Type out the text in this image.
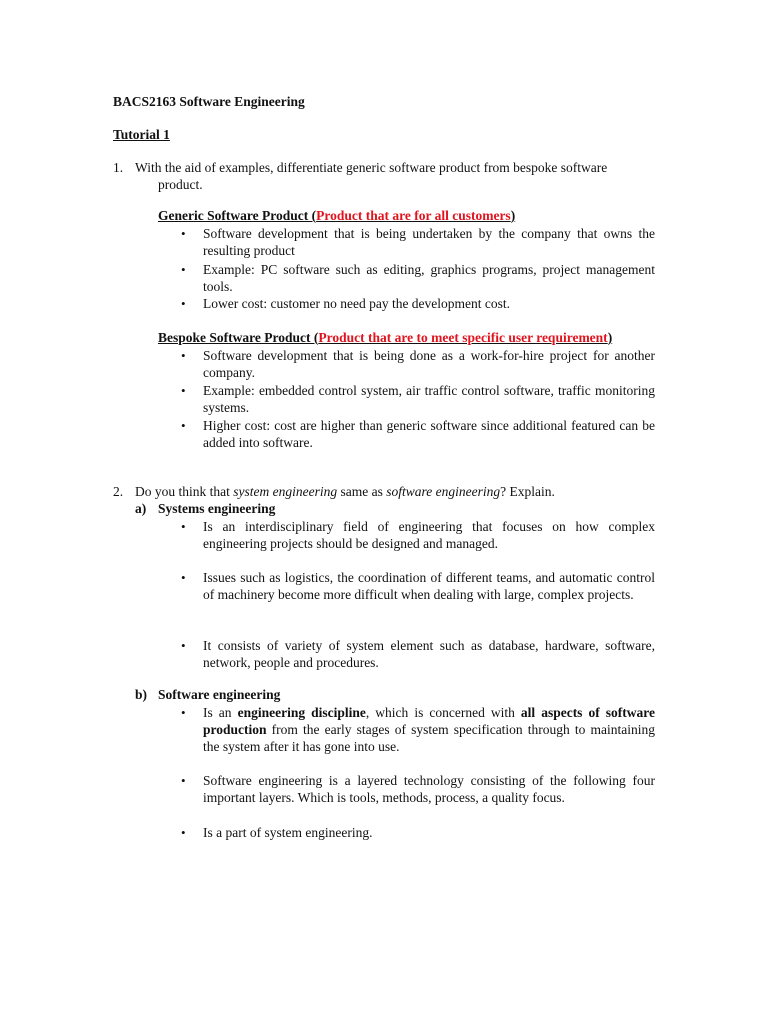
BACS2163 Software Engineering
Tutorial 1
1. With the aid of examples, differentiate generic software product from bespoke software
product.
Generic Software Product (Product that are for all customers)
• Software development that is being undertaken by the company that owns the resulting product
• Example: PC software such as editing, graphics programs, project management tools.
• Lower cost: customer no need pay the development cost.
Bespoke Software Product (Product that are to meet specific user requirement)
• Software development that is being done as a work-for-hire project for another company.
• Example: embedded control system, air traffic control software, traffic monitoring systems.
• Higher cost: cost are higher than generic software since additional featured can be added into software.
2. Do you think that system engineering same as software engineering? Explain.
a) Systems engineering
• Is an interdisciplinary field of engineering that focuses on how complex engineering projects should be designed and managed.
• Issues such as logistics, the coordination of different teams, and automatic control of machinery become more difficult when dealing with large, complex projects.
• It consists of variety of system element such as database, hardware, software, network, people and procedures.
b) Software engineering
• Is an engineering discipline, which is concerned with all aspects of software production from the early stages of system specification through to maintaining the system after it has gone into use.
• Software engineering is a layered technology consisting of the following four important layers. Which is tools, methods, process, a quality focus.
• Is a part of system engineering.
